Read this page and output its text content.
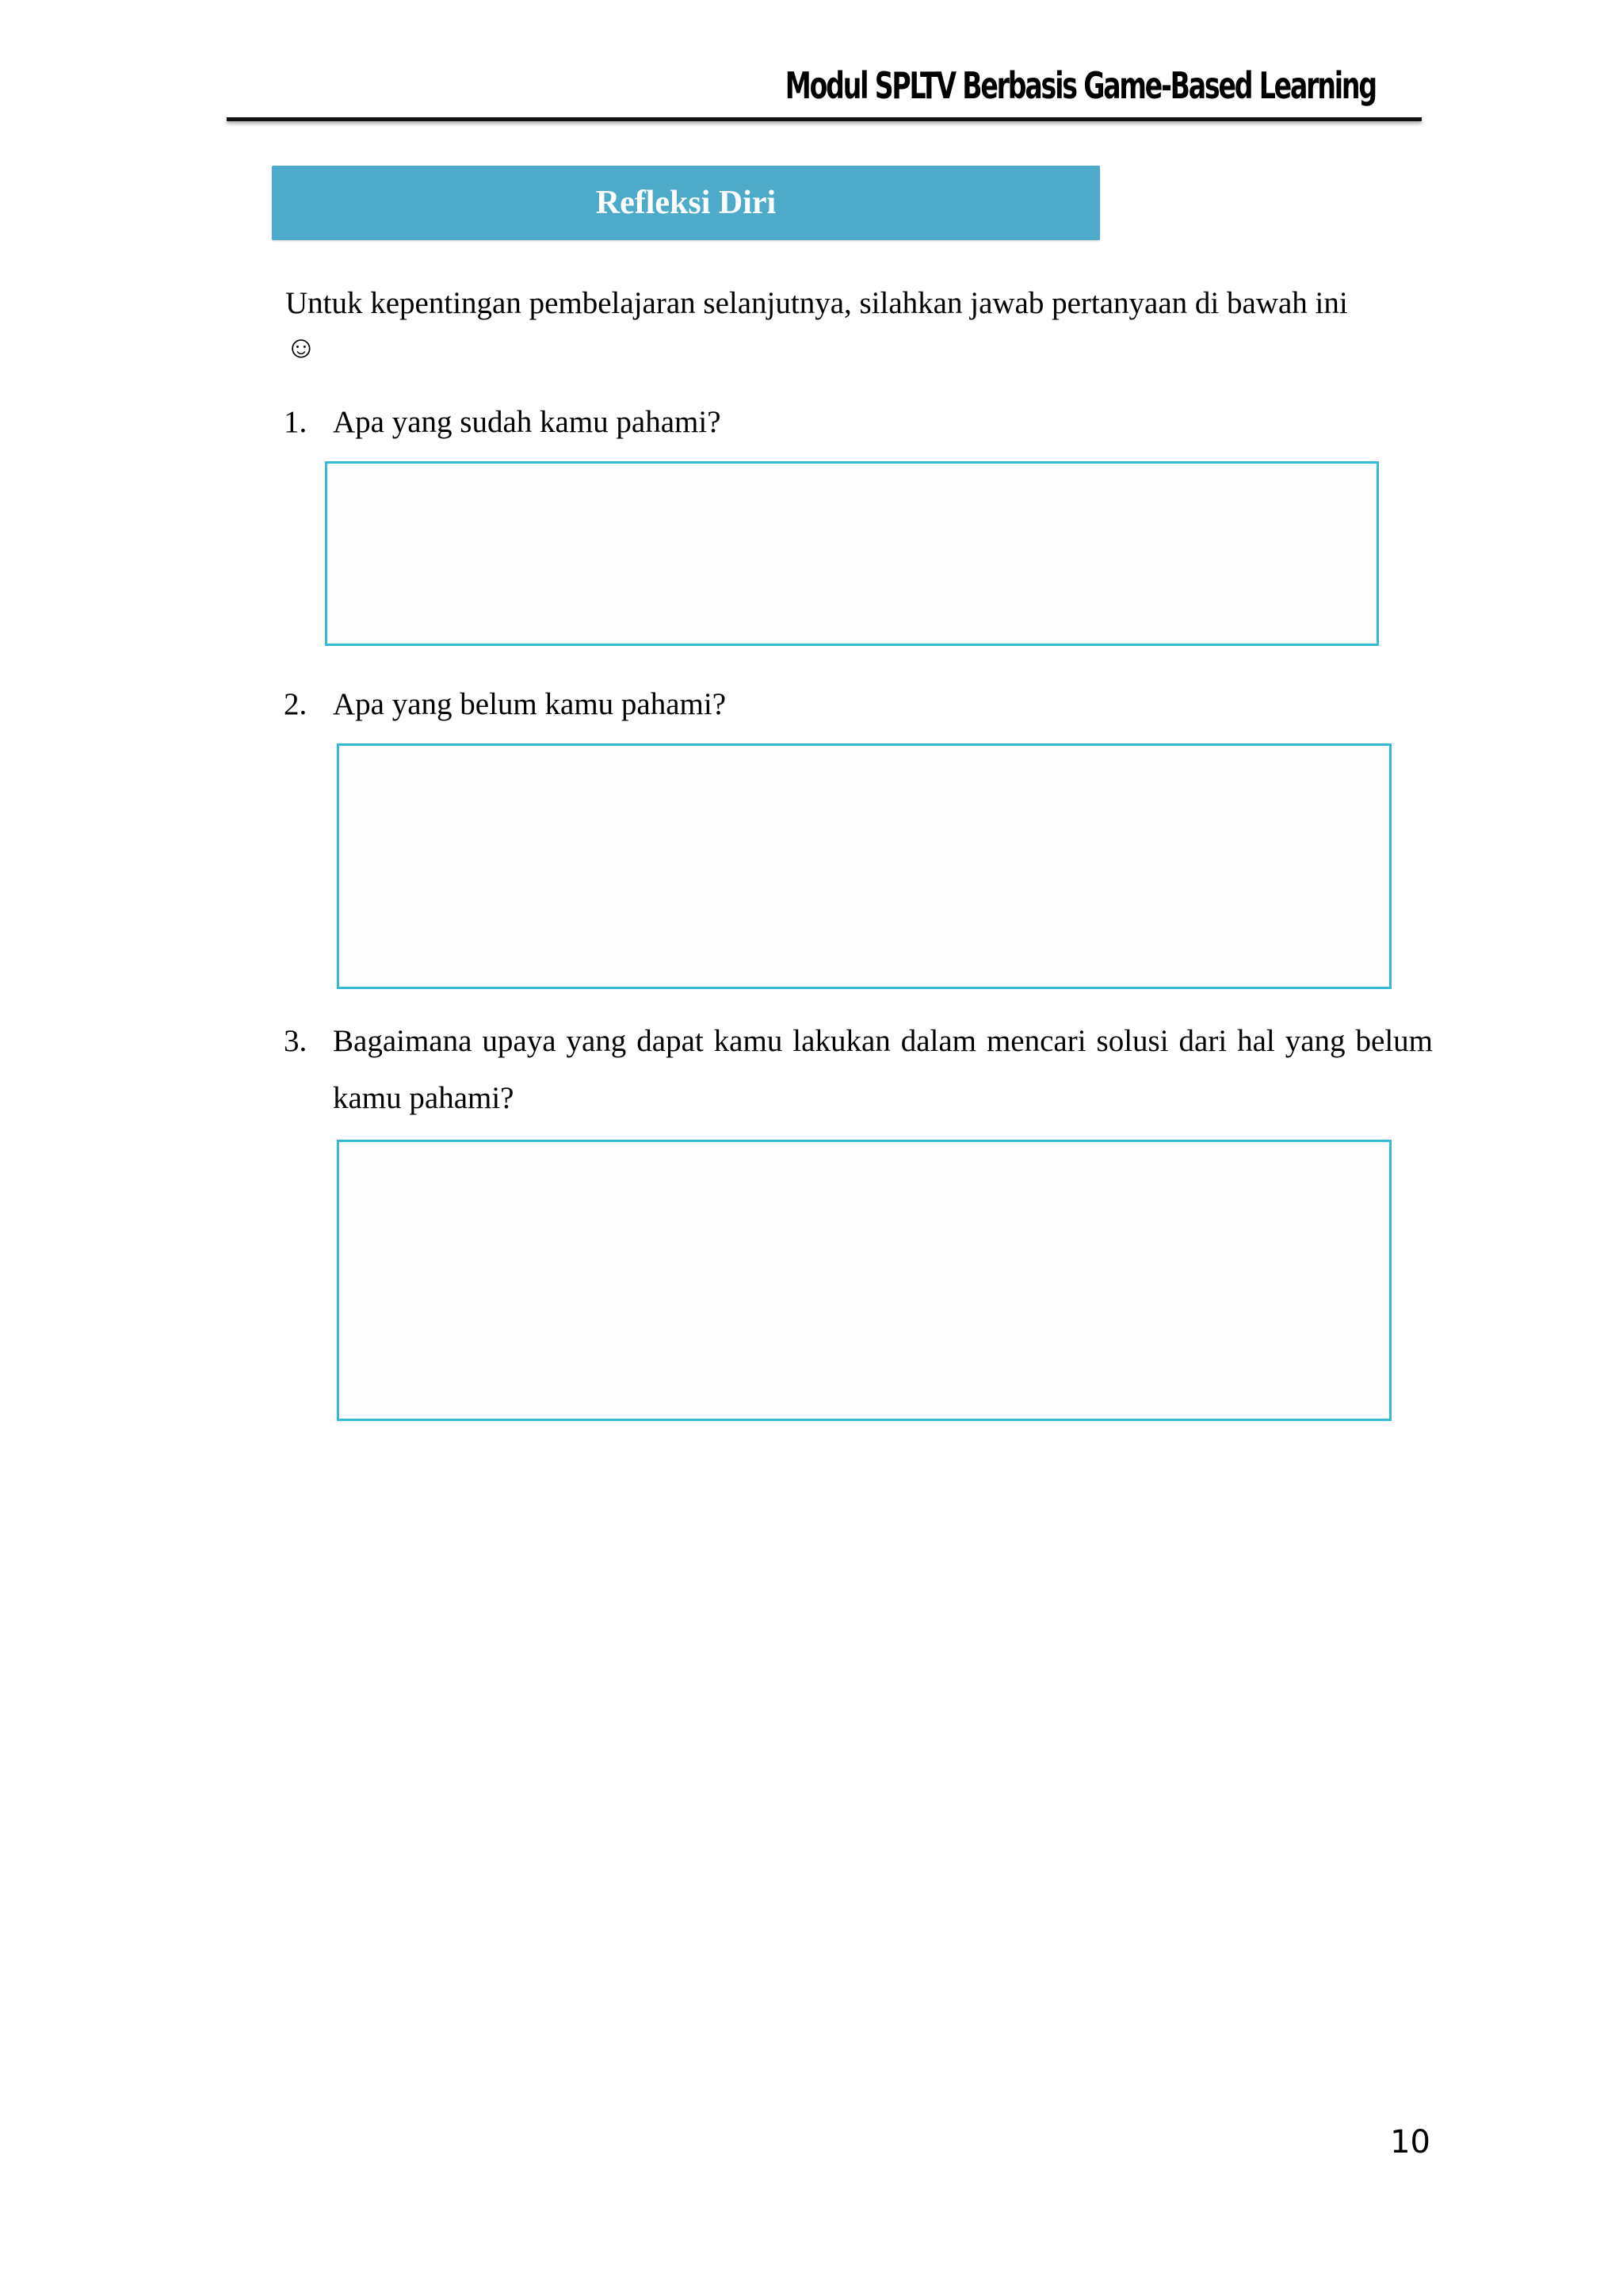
Modul SPLTV Berbasis Game-Based Learning
Refleksi Diri
Untuk kepentingan pembelajaran selanjutnya, silahkan jawab pertanyaan di bawah ini ☺
1. Apa yang sudah kamu pahami?
2. Apa yang belum kamu pahami?
3. Bagaimana upaya yang dapat kamu lakukan dalam mencari solusi dari hal yang belum kamu pahami?
10
